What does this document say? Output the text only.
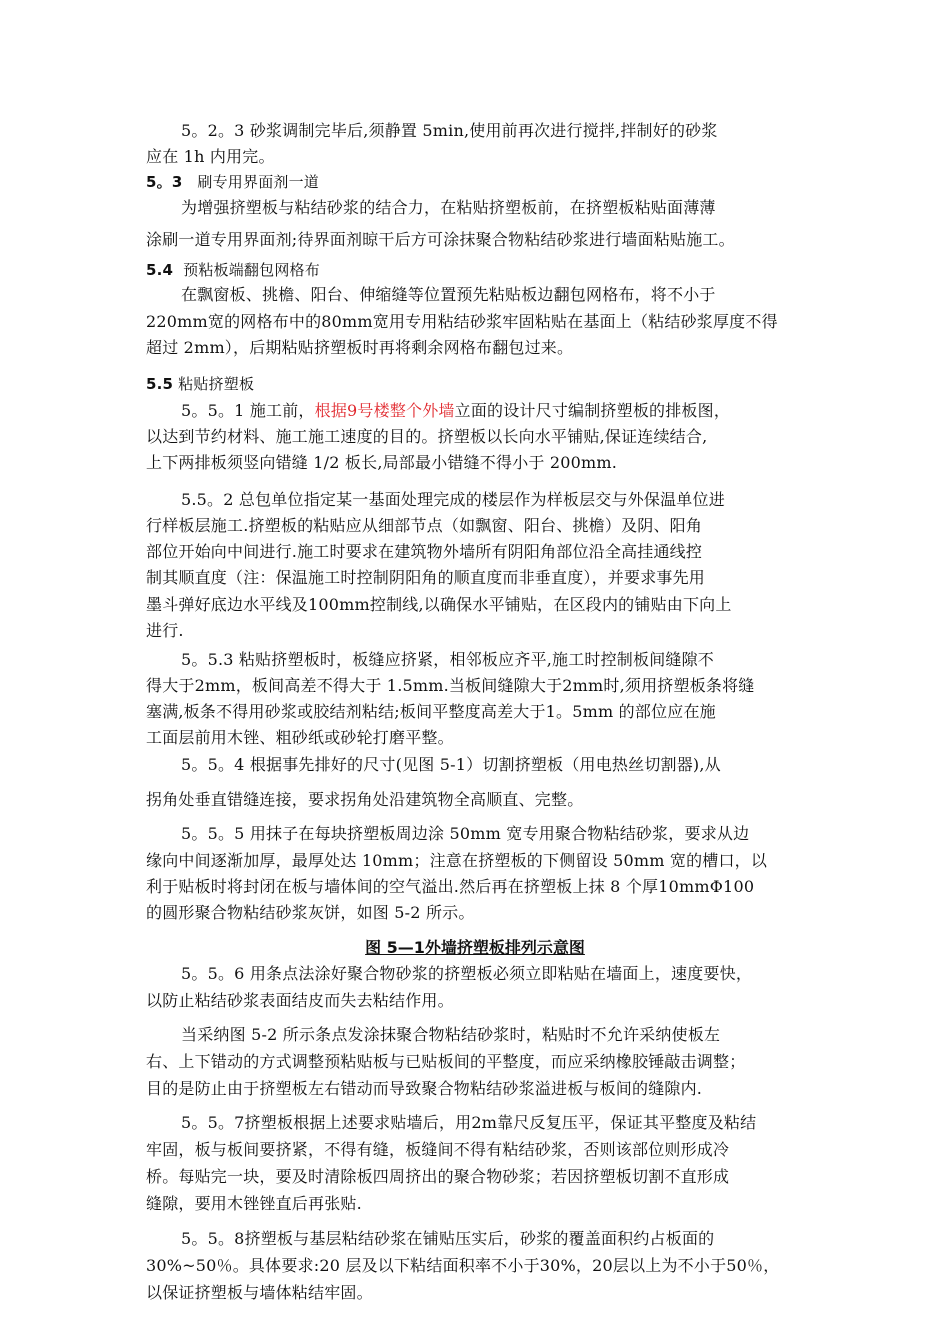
5。2。3 砂浆调制完毕后,须静置 5min,使用前再次进行搅拌,拌制好的砂浆
应在 1h 内用完。
5。3 刷专用界面剂一道
为增强挤塑板与粘结砂浆的结合力，在粘贴挤塑板前，在挤塑板粘贴面薄薄
涂刷一道专用界面剂;待界面剂晾干后方可涂抹聚合物粘结砂浆进行墙面粘贴施工。
5.4 预粘板端翻包网格布
在飘窗板、挑檐、阳台、伸缩缝等位置预先粘贴板边翻包网格布，将不小于
220mm宽的网格布中的80mm宽用专用粘结砂浆牢固粘贴在基面上（粘结砂浆厚度不得
超过 2mm），后期粘贴挤塑板时再将剩余网格布翻包过来。
5.5 粘贴挤塑板
5。5。1 施工前，根据9号楼整个外墙立面的设计尺寸编制挤塑板的排板图，
以达到节约材料、施工施工速度的目的。挤塑板以长向水平铺贴,保证连续结合,
上下两排板须竖向错缝 1/2 板长,局部最小错缝不得小于 200mm.
5.5。2 总包单位指定某一基面处理完成的楼层作为样板层交与外保温单位进
行样板层施工.挤塑板的粘贴应从细部节点（如飘窗、阳台、挑檐）及阴、阳角
部位开始向中间进行.施工时要求在建筑物外墙所有阴阳角部位沿全高挂通线控
制其顺直度（注：保温施工时控制阴阳角的顺直度而非垂直度），并要求事先用
墨斗弹好底边水平线及100mm控制线,以确保水平铺贴，在区段内的铺贴由下向上
进行.
5。5.3 粘贴挤塑板时，板缝应挤紧，相邻板应齐平,施工时控制板间缝隙不
得大于2mm，板间高差不得大于 1.5mm.当板间缝隙大于2mm时,须用挤塑板条将缝
塞满,板条不得用砂浆或胶结剂粘结;板间平整度高差大于1。5mm 的部位应在施
工面层前用木锉、粗砂纸或砂轮打磨平整。
5。5。4 根据事先排好的尺寸(见图 5-1）切割挤塑板（用电热丝切割器),从
拐角处垂直错缝连接，要求拐角处沿建筑物全高顺直、完整。
5。5。5 用抹子在每块挤塑板周边涂 50mm 宽专用聚合物粘结砂浆，要求从边
缘向中间逐渐加厚，最厚处达 10mm；注意在挤塑板的下侧留设 50mm 宽的槽口，以
利于贴板时将封闭在板与墙体间的空气溢出.然后再在挤塑板上抹 8 个厚10mmΦ100
的圆形聚合物粘结砂浆灰饼，如图 5-2 所示。
图 5—1外墙挤塑板排列示意图
5。5。6 用条点法涂好聚合物砂浆的挤塑板必须立即粘贴在墙面上，速度要快，
以防止粘结砂浆表面结皮而失去粘结作用。
当采纳图 5-2 所示条点发涂抹聚合物粘结砂浆时，粘贴时不允许采纳使板左
右、上下错动的方式调整预粘贴板与已贴板间的平整度，而应采纳橡胶锤敲击调整；
目的是防止由于挤塑板左右错动而导致聚合物粘结砂浆溢进板与板间的缝隙内.
5。5。7挤塑板根据上述要求贴墙后，用2m靠尺反复压平，保证其平整度及粘结
牢固，板与板间要挤紧，不得有缝，板缝间不得有粘结砂浆，否则该部位则形成冷
桥。每贴完一块，要及时清除板四周挤出的聚合物砂浆；若因挤塑板切割不直形成
缝隙，要用木锉锉直后再张贴.
5。5。8挤塑板与基层粘结砂浆在铺贴压实后，砂浆的覆盖面积约占板面的
30%~50％。具体要求:20 层及以下粘结面积率不小于30%，20层以上为不小于50％，
以保证挤塑板与墙体粘结牢固。
